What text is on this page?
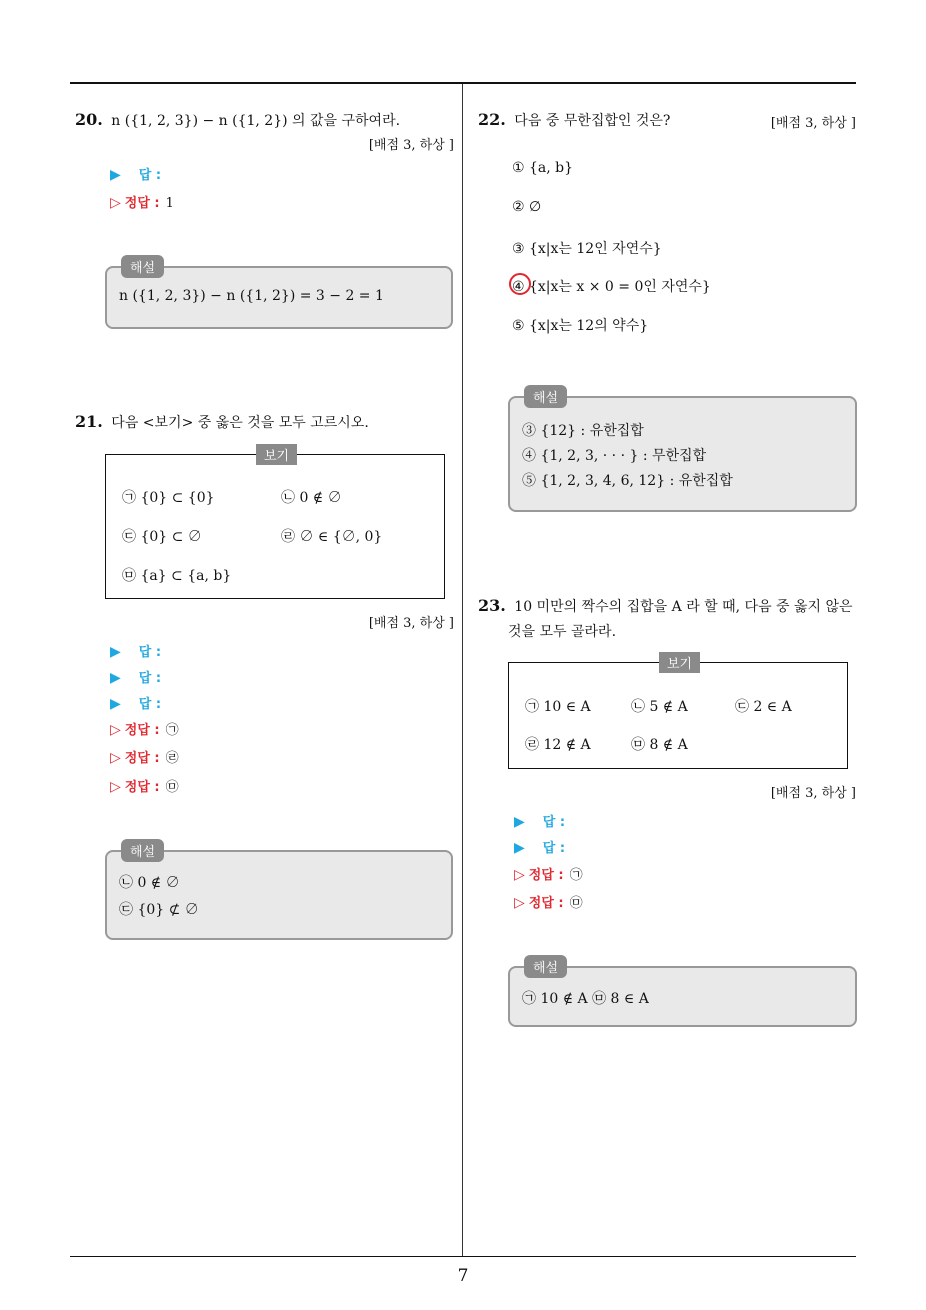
7
20. n ({1, 2, 3}) − n ({1, 2}) 의 값을 구하여라.
[배점 3, 하상 ]
▶ 답 :
▷ 정답 : 1
해설
n ({1, 2, 3}) − n ({1, 2}) = 3 − 2 = 1
21. 다음 <보기> 중 옳은 것을 모두 고르시오.
보기
㉠ {0} ⊂ {0}	㉡ 0 ∉ ∅
㉢ {0} ⊂ ∅	㉣ ∅ ∈ {∅, 0}
㉤ {a} ⊂ {a, b}
[배점 3, 하상 ]
▶ 답 :
▶ 답 :
▶ 답 :
▷ 정답 : ㉠
▷ 정답 : ㉣
▷ 정답 : ㉤
해설
㉡ 0 ∉ ∅
㉢ {0} ⊄ ∅
22. 다음 중 무한집합인 것은?	[배점 3, 하상 ]
① {a, b}
② ∅
③ {x|x는 12인 자연수}
④ {x|x는 x × 0 = 0인 자연수}
⑤ {x|x는 12의 약수}
해설
③ {12} : 유한집합
④ {1, 2, 3, · · · } : 무한집합
⑤ {1, 2, 3, 4, 6, 12} : 유한집합
23. 10 미만의 짝수의 집합을 A 라 할 때, 다음 중 옳지 않은
것을 모두 골라라.
보기
㉠ 10 ∈ A	㉡ 5 ∉ A	㉢ 2 ∈ A
㉣ 12 ∉ A	㉤ 8 ∉ A
[배점 3, 하상 ]
▶ 답 :
▶ 답 :
▷ 정답 : ㉠
▷ 정답 : ㉤
해설
㉠ 10 ∉ A ㉤ 8 ∈ A
